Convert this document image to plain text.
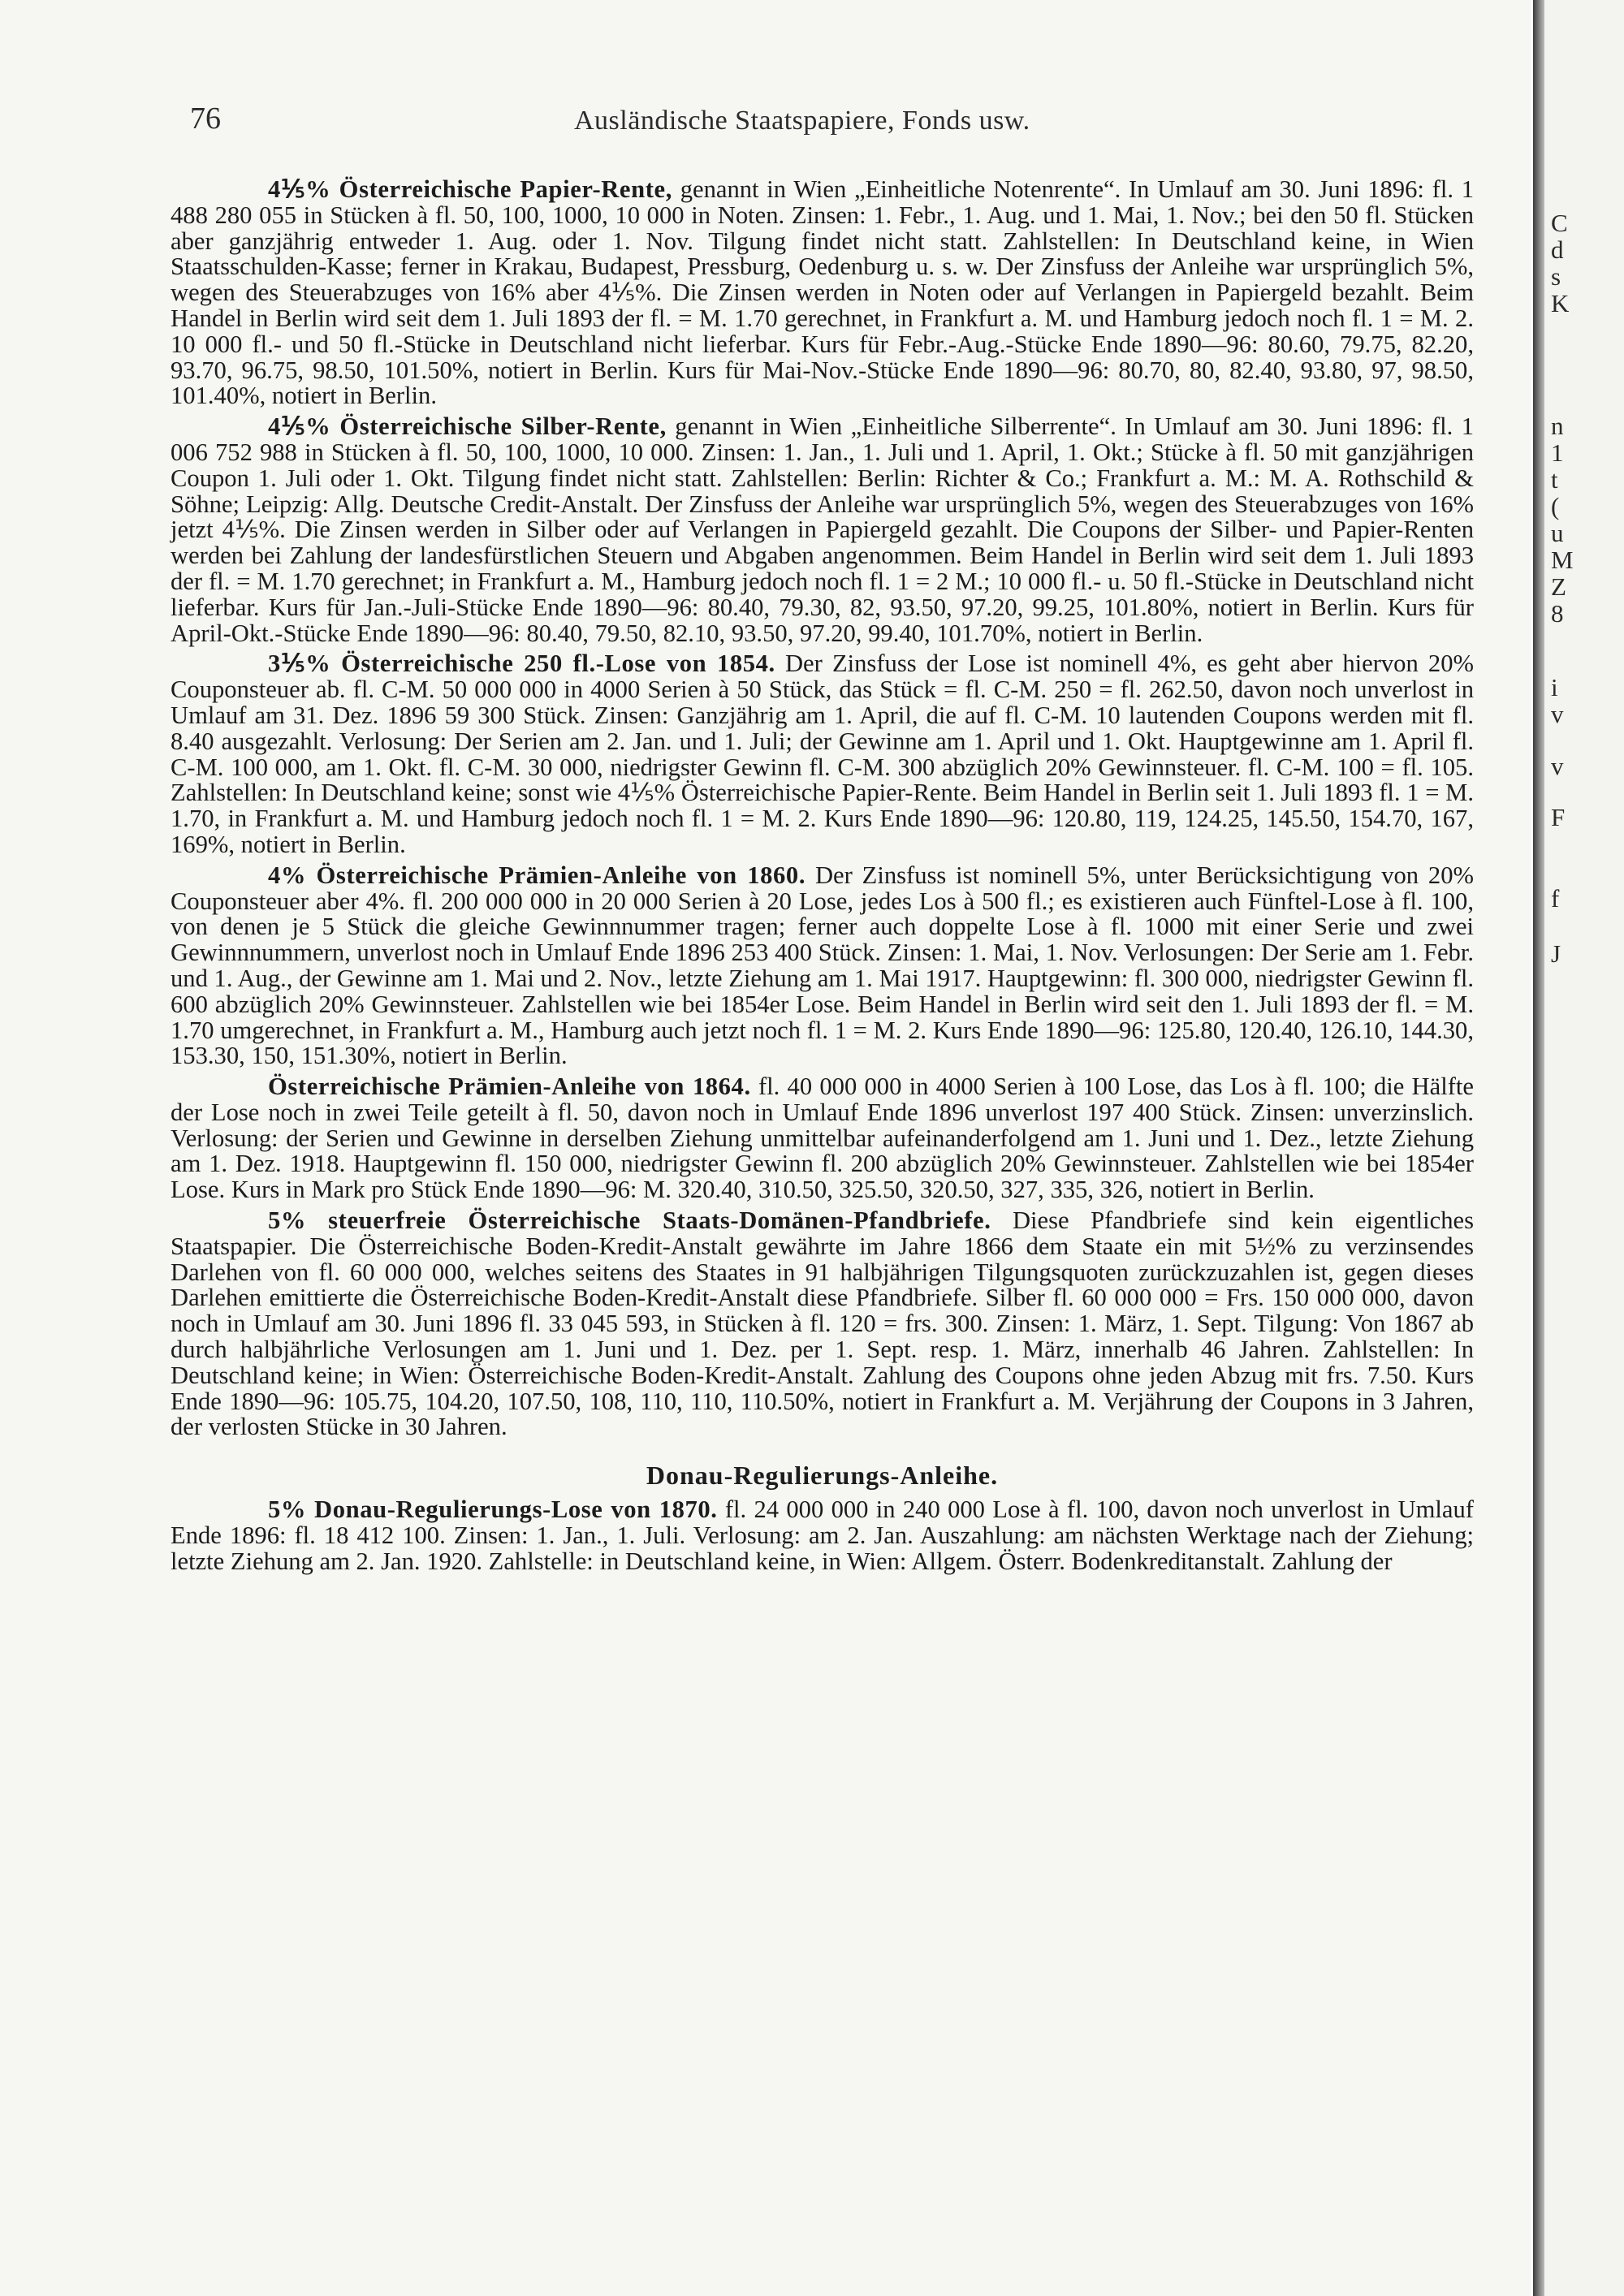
76	Ausländische Staatspapiere, Fonds usw.

4⅕% Österreichische Papier-Rente, genannt in Wien „Einheitliche Notenrente“. In Umlauf am 30. Juni 1896: fl. 1 488 280 055 in Stücken à fl. 50, 100, 1000, 10 000 in Noten. Zinsen: 1. Febr., 1. Aug. und 1. Mai, 1. Nov.; bei den 50 fl. Stücken aber ganzjährig entweder 1. Aug. oder 1. Nov. Tilgung findet nicht statt. Zahlstellen: In Deutschland keine, in Wien Staatsschulden-Kasse; ferner in Krakau, Budapest, Pressburg, Oedenburg u. s. w. Der Zinsfuss der Anleihe war ursprünglich 5%, wegen des Steuerabzuges von 16% aber 4⅕%. Die Zinsen werden in Noten oder auf Verlangen in Papiergeld bezahlt. Beim Handel in Berlin wird seit dem 1. Juli 1893 der fl. = M. 1.70 gerechnet, in Frankfurt a. M. und Hamburg jedoch noch fl. 1 = M. 2. 10 000 fl.- und 50 fl.-Stücke in Deutschland nicht lieferbar. Kurs für Febr.-Aug.-Stücke Ende 1890—96: 80.60, 79.75, 82.20, 93.70, 96.75, 98.50, 101.50%, notiert in Berlin. Kurs für Mai-Nov.-Stücke Ende 1890—96: 80.70, 80, 82.40, 93.80, 97, 98.50, 101.40%, notiert in Berlin.

4⅕% Österreichische Silber-Rente, genannt in Wien „Einheitliche Silberrente“. In Umlauf am 30. Juni 1896: fl. 1 006 752 988 in Stücken à fl. 50, 100, 1000, 10 000. Zinsen: 1. Jan., 1. Juli und 1. April, 1. Okt.; Stücke à fl. 50 mit ganzjährigen Coupon 1. Juli oder 1. Okt. Tilgung findet nicht statt. Zahlstellen: Berlin: Richter & Co.; Frankfurt a. M.: M. A. Rothschild & Söhne; Leipzig: Allg. Deutsche Credit-Anstalt. Der Zinsfuss der Anleihe war ursprünglich 5%, wegen des Steuerabzuges von 16% jetzt 4⅕%. Die Zinsen werden in Silber oder auf Verlangen in Papiergeld gezahlt. Die Coupons der Silber- und Papier-Renten werden bei Zahlung der landesfürstlichen Steuern und Abgaben angenommen. Beim Handel in Berlin wird seit dem 1. Juli 1893 der fl. = M. 1.70 gerechnet; in Frankfurt a. M., Hamburg jedoch noch fl. 1 = 2 M.; 10 000 fl.- u. 50 fl.-Stücke in Deutschland nicht lieferbar. Kurs für Jan.-Juli-Stücke Ende 1890—96: 80.40, 79.30, 82, 93.50, 97.20, 99.25, 101.80%, notiert in Berlin. Kurs für April-Okt.-Stücke Ende 1890—96: 80.40, 79.50, 82.10, 93.50, 97.20, 99.40, 101.70%, notiert in Berlin.

3⅕% Österreichische 250 fl.-Lose von 1854. Der Zinsfuss der Lose ist nominell 4%, es geht aber hiervon 20% Couponsteuer ab. fl. C-M. 50 000 000 in 4000 Serien à 50 Stück, das Stück = fl. C-M. 250 = fl. 262.50, davon noch unverlost in Umlauf am 31. Dez. 1896 59 300 Stück. Zinsen: Ganzjährig am 1. April, die auf fl. C-M. 10 lautenden Coupons werden mit fl. 8.40 ausgezahlt. Verlosung: Der Serien am 2. Jan. und 1. Juli; der Gewinne am 1. April und 1. Okt. Hauptgewinne am 1. April fl. C-M. 100 000, am 1. Okt. fl. C-M. 30 000, niedrigster Gewinn fl. C-M. 300 abzüglich 20% Gewinnsteuer. fl. C-M. 100 = fl. 105. Zahlstellen: In Deutschland keine; sonst wie 4⅕% Österreichische Papier-Rente. Beim Handel in Berlin seit 1. Juli 1893 fl. 1 = M. 1.70, in Frankfurt a. M. und Hamburg jedoch noch fl. 1 = M. 2. Kurs Ende 1890—96: 120.80, 119, 124.25, 145.50, 154.70, 167, 169%, notiert in Berlin.

4% Österreichische Prämien-Anleihe von 1860. Der Zinsfuss ist nominell 5%, unter Berücksichtigung von 20% Couponsteuer aber 4%. fl. 200 000 000 in 20 000 Serien à 20 Lose, jedes Los à 500 fl.; es existieren auch Fünftel-Lose à fl. 100, von denen je 5 Stück die gleiche Gewinnnummer tragen; ferner auch doppelte Lose à fl. 1000 mit einer Serie und zwei Gewinnnummern, unverlost noch in Umlauf Ende 1896 253 400 Stück. Zinsen: 1. Mai, 1. Nov. Verlosungen: Der Serie am 1. Febr. und 1. Aug., der Gewinne am 1. Mai und 2. Nov., letzte Ziehung am 1. Mai 1917. Hauptgewinn: fl. 300 000, niedrigster Gewinn fl. 600 abzüglich 20% Gewinnsteuer. Zahlstellen wie bei 1854er Lose. Beim Handel in Berlin wird seit den 1. Juli 1893 der fl. = M. 1.70 umgerechnet, in Frankfurt a. M., Hamburg auch jetzt noch fl. 1 = M. 2. Kurs Ende 1890—96: 125.80, 120.40, 126.10, 144.30, 153.30, 150, 151.30%, notiert in Berlin.

Österreichische Prämien-Anleihe von 1864. fl. 40 000 000 in 4000 Serien à 100 Lose, das Los à fl. 100; die Hälfte der Lose noch in zwei Teile geteilt à fl. 50, davon noch in Umlauf Ende 1896 unverlost 197 400 Stück. Zinsen: unverzinslich. Verlosung: der Serien und Gewinne in derselben Ziehung unmittelbar aufeinanderfolgend am 1. Juni und 1. Dez., letzte Ziehung am 1. Dez. 1918. Hauptgewinn fl. 150 000, niedrigster Gewinn fl. 200 abzüglich 20% Gewinnsteuer. Zahlstellen wie bei 1854er Lose. Kurs in Mark pro Stück Ende 1890—96: M. 320.40, 310.50, 325.50, 320.50, 327, 335, 326, notiert in Berlin.

5% steuerfreie Österreichische Staats-Domänen-Pfandbriefe. Diese Pfandbriefe sind kein eigentliches Staatspapier. Die Österreichische Boden-Kredit-Anstalt gewährte im Jahre 1866 dem Staate ein mit 5½% zu verzinsendes Darlehen von fl. 60 000 000, welches seitens des Staates in 91 halbjährigen Tilgungsquoten zurückzuzahlen ist, gegen dieses Darlehen emittierte die Österreichische Boden-Kredit-Anstalt diese Pfandbriefe. Silber fl. 60 000 000 = Frs. 150 000 000, davon noch in Umlauf am 30. Juni 1896 fl. 33 045 593, in Stücken à fl. 120 = frs. 300. Zinsen: 1. März, 1. Sept. Tilgung: Von 1867 ab durch halbjährliche Verlosungen am 1. Juni und 1. Dez. per 1. Sept. resp. 1. März, innerhalb 46 Jahren. Zahlstellen: In Deutschland keine; in Wien: Österreichische Boden-Kredit-Anstalt. Zahlung des Coupons ohne jeden Abzug mit frs. 7.50. Kurs Ende 1890—96: 105.75, 104.20, 107.50, 108, 110, 110, 110.50%, notiert in Frankfurt a. M. Verjährung der Coupons in 3 Jahren, der verlosten Stücke in 30 Jahren.

Donau-Regulierungs-Anleihe.

5% Donau-Regulierungs-Lose von 1870. fl. 24 000 000 in 240 000 Lose à fl. 100, davon noch unverlost in Umlauf Ende 1896: fl. 18 412 100. Zinsen: 1. Jan., 1. Juli. Verlosung: am 2. Jan. Auszahlung: am nächsten Werktage nach der Ziehung; letzte Ziehung am 2. Jan. 1920. Zahlstelle: in Deutschland keine, in Wien: Allgem. Österr. Bodenkreditanstalt. Zahlung der

C
d
s
K
n
1
t
(
u
M
Z
8
i
v
v
F
f
J
